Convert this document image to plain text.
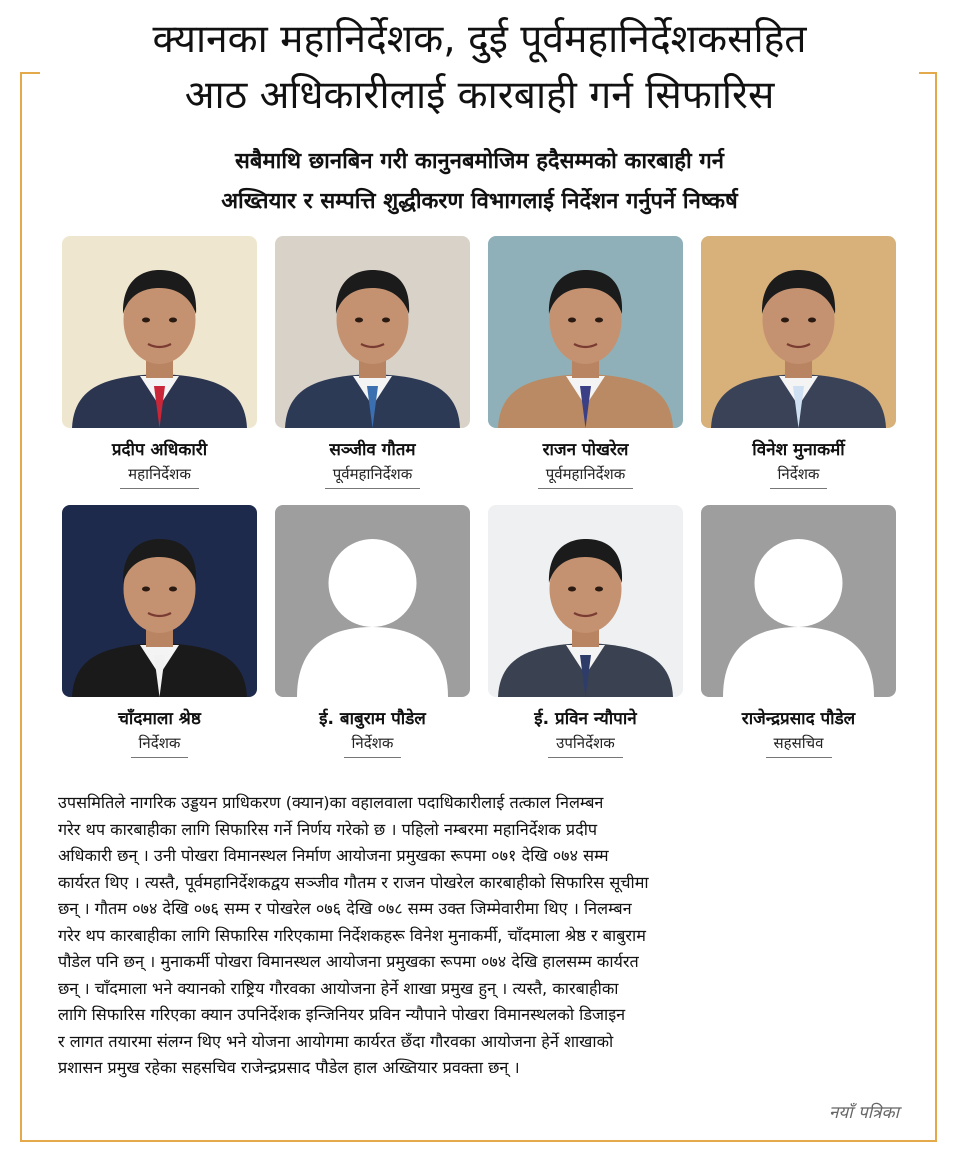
क्यानका महानिर्देशक, दुई पूर्वमहानिर्देशकसहित
आठ अधिकारीलाई कारबाही गर्न सिफारिस
सबैमाथि छानबिन गरी कानुनबमोजिम हदैसम्मको कारबाही गर्न
अख्तियार र सम्पत्ति शुद्धीकरण विभागलाई निर्देशन गर्नुपर्ने निष्कर्ष
प्रदीप अधिकारी
महानिर्देशक
सञ्जीव गौतम
पूर्वमहानिर्देशक
राजन पोखरेल
पूर्वमहानिर्देशक
विनेश मुनाकर्मी
निर्देशक
चाँदमाला श्रेष्ठ
निर्देशक
ई. बाबुराम पौडेल
निर्देशक
ई. प्रविन न्यौपाने
उपनिर्देशक
राजेन्द्रप्रसाद पौडेल
सहसचिव

उपसमितिले नागरिक उड्डयन प्राधिकरण (क्यान)का वहालवाला पदाधिकारीलाई तत्काल निलम्बन
गरेर थप कारबाहीका लागि सिफारिस गर्ने निर्णय गरेको छ । पहिलो नम्बरमा महानिर्देशक प्रदीप
अधिकारी छन् । उनी पोखरा विमानस्थल निर्माण आयोजना प्रमुखका रूपमा ०७१ देखि ०७४ सम्म
कार्यरत थिए । त्यस्तै, पूर्वमहानिर्देशकद्वय सञ्जीव गौतम र राजन पोखरेल कारबाहीको सिफारिस सूचीमा
छन् । गौतम ०७४ देखि ०७६ सम्म र पोखरेल ०७६ देखि ०७८ सम्म उक्त जिम्मेवारीमा थिए । निलम्बन
गरेर थप कारबाहीका लागि सिफारिस गरिएकामा निर्देशकहरू विनेश मुनाकर्मी, चाँदमाला श्रेष्ठ र बाबुराम
पौडेल पनि छन् । मुनाकर्मी पोखरा विमानस्थल आयोजना प्रमुखका रूपमा ०७४ देखि हालसम्म कार्यरत
छन् । चाँदमाला भने क्यानको राष्ट्रिय गौरवका आयोजना हेर्ने शाखा प्रमुख हुन् । त्यस्तै, कारबाहीका
लागि सिफारिस गरिएका क्यान उपनिर्देशक इन्जिनियर प्रविन न्यौपाने पोखरा विमानस्थलको डिजाइन
र लागत तयारमा संलग्न थिए भने योजना आयोगमा कार्यरत छँदा गौरवका आयोजना हेर्ने शाखाको
प्रशासन प्रमुख रहेका सहसचिव राजेन्द्रप्रसाद पौडेल हाल अख्तियार प्रवक्ता छन् ।

नयाँ पत्रिका
